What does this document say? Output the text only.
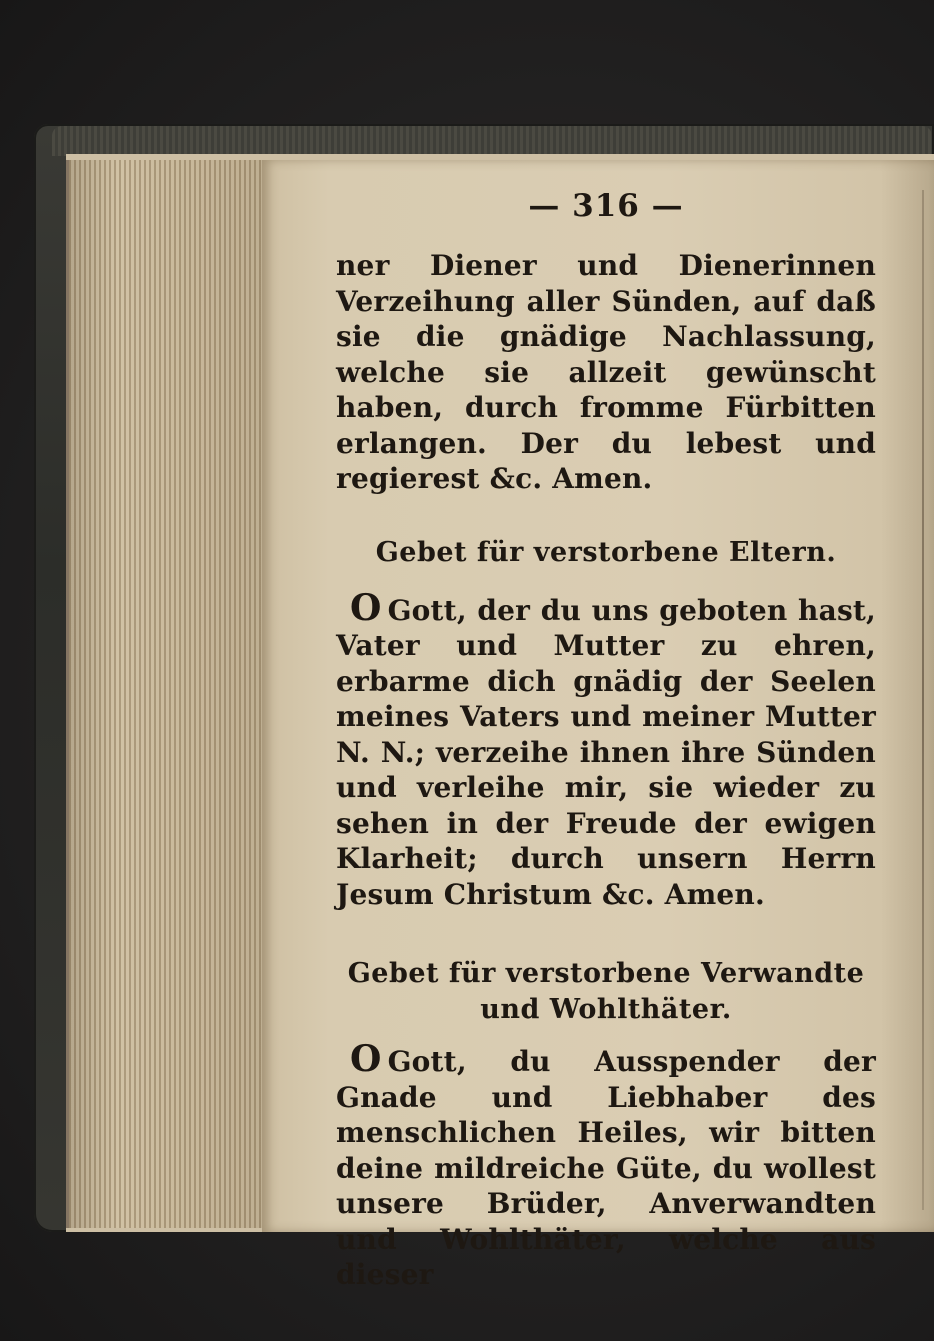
— 316 —

ner Diener und Dienerinnen Verzeihung aller Sünden, auf daß sie die gnädige Nachlassung, welche sie allzeit gewünscht haben, durch fromme Fürbitten erlangen. Der du lebest und regierest &c. Amen.

Gebet für verstorbene Eltern.

O Gott, der du uns geboten hast, Vater und Mutter zu ehren, erbarme dich gnädig der Seelen meines Vaters und meiner Mutter N. N.; verzeihe ihnen ihre Sünden und verleihe mir, sie wieder zu sehen in der Freude der ewigen Klarheit; durch unsern Herrn Jesum Christum &c. Amen.

Gebet für verstorbene Verwandte und Wohlthäter.

O Gott, du Ausspender der Gnade und Liebhaber des menschlichen Heiles, wir bitten deine mildreiche Güte, du wollest unsere Brüder, Anverwandten und Wohlthäter, welche aus dieser
